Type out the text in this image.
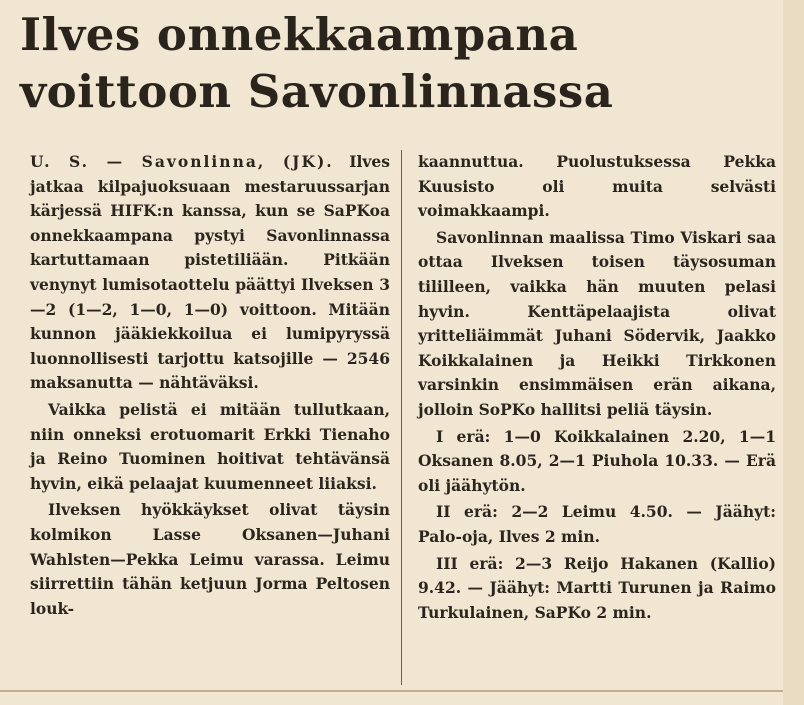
Ilves onnekkaampana
voittoon Savonlinnassa

U. S. — Savonlinna, (JK). Ilves jatkaa kilpajuoksuaan mestaruussarjan kärjessä HIFK:n kanssa, kun se SaPKoa onnekkaampana pystyi Savonlinnassa kartuttamaan pistetiliään. Pitkään venynyt lumisotaottelu päättyi Ilveksen 3—2 (1—2, 1—0, 1—0) voittoon. Mitään kunnon jääkiekkoilua ei lumipyryssä luonnollisesti tarjottu katsojille — 2546 maksanutta — nähtäväksi.

Vaikka pelistä ei mitään tullutkaan, niin onneksi erotuomarit Erkki Tienaho ja Reino Tuominen hoitivat tehtävänsä hyvin, eikä pelaajat kuumenneet liiaksi.

Ilveksen hyökkäykset olivat täysin kolmikon Lasse Oksanen—Juhani Wahlsten—Pekka Leimu varassa. Leimu siirrettiin tähän ketjuun Jorma Peltosen louk-

kaannuttua. Puolustuksessa Pekka Kuusisto oli muita selvästi voimakkaampi.

Savonlinnan maalissa Timo Viskari saa ottaa Ilveksen toisen täysosuman tililleen, vaikka hän muuten pelasi hyvin. Kenttäpelaajista olivat yritteliäimmät Juhani Södervik, Jaakko Koikkalainen ja Heikki Tirkkonen varsinkin ensimmäisen erän aikana, jolloin SoPKo hallitsi peliä täysin.

I erä: 1—0 Koikkalainen 2.20, 1—1 Oksanen 8.05, 2—1 Piuhola 10.33. — Erä oli jäähytön.

II erä: 2—2 Leimu 4.50. — Jäähyt: Palo-oja, Ilves 2 min.

III erä: 2—3 Reijo Hakanen (Kallio) 9.42. — Jäähyt: Martti Turunen ja Raimo Turkulainen, SaPKo 2 min.
